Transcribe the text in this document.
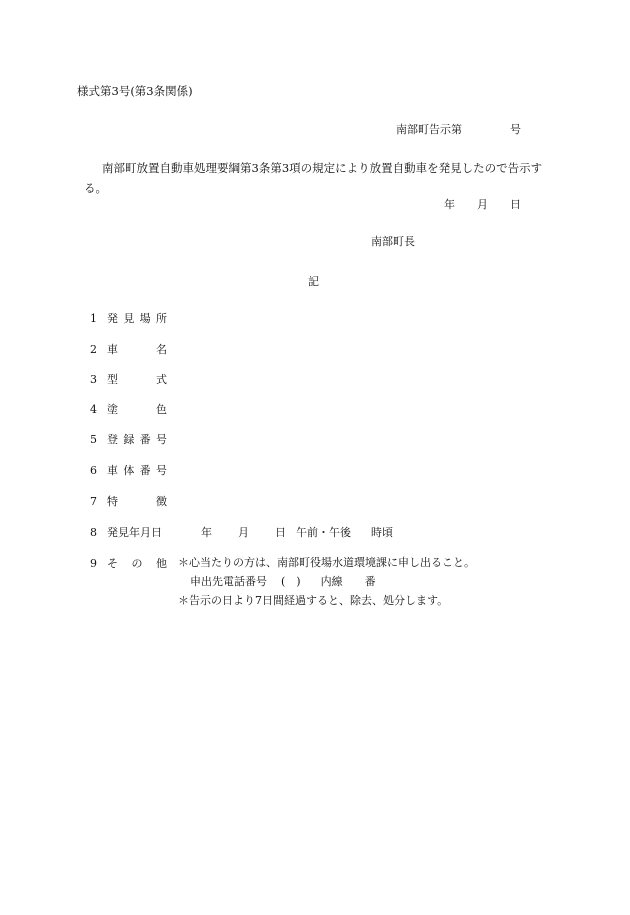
様式第3号(第3条関係)
南部町告示第	号
南部町放置自動車処理要綱第3条第3項の規定により放置自動車を発見したので告示する。
年 月 日
南部町長
記
1 発 見 場 所
2 車	名
3 型	式
4 塗	色
5 登 録 番 号
6 車 体 番 号
7 特	徴
8 発見年月日	年 月 日 午前・午後 時頃
9 そ の 他 ＊心当たりの方は、南部町役場水道環境課に申し出ること。
申出先電話番号 (　) 内線 番
＊告示の日より7日間経過すると、除去、処分します。
